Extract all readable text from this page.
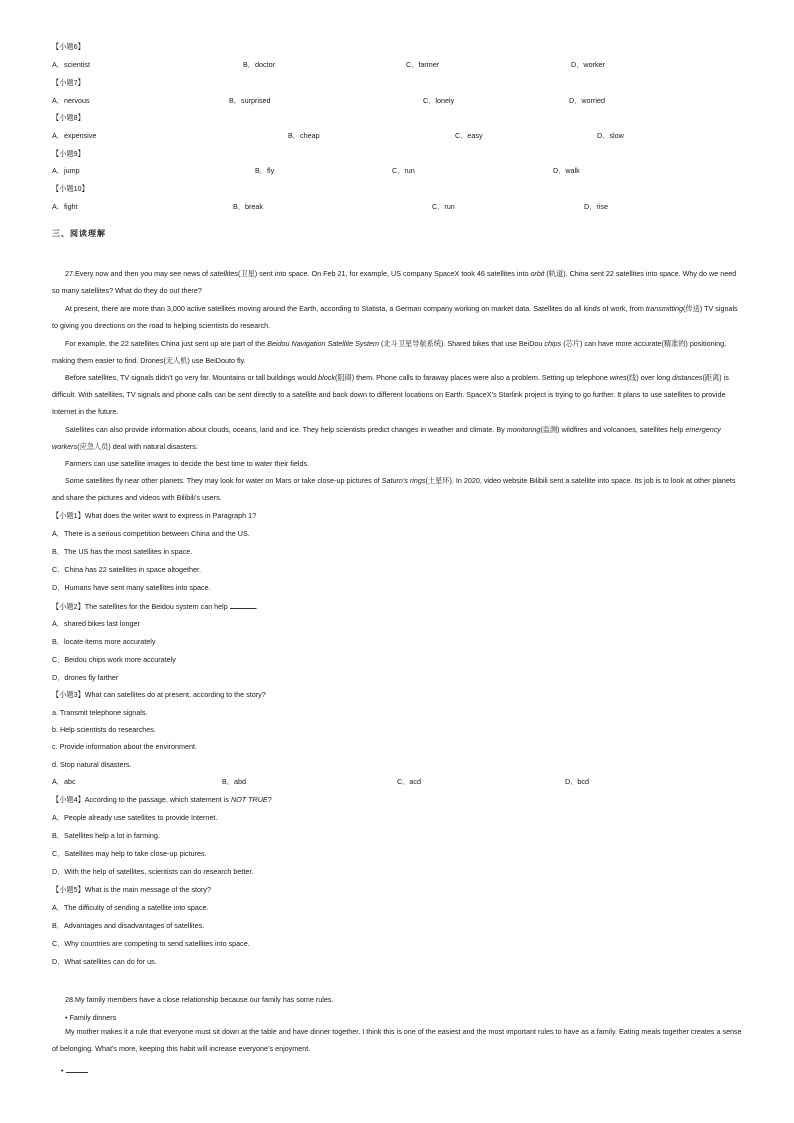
【小题6】
A．scientist	B．doctor	C．farmer	D．worker
【小题7】
A．nervous	B．surprised	C．lonely	D．worried
【小题8】
A．expensive	B．cheap	C．easy	D．slow
【小题9】
A．jump	B．fly	C．run	D．walk
【小题10】
A．fight	B．break	C．run	D．rise
三、阅读理解
27.Every now and then you may see news of satellites(卫星) sent into space. On Feb 21, for example, US company SpaceX took 46 satellites into orbit (轨道). China sent 22 satellites into space. Why do we need so many satellites? What do they do out there?
At present, there are more than 3,000 active satellites moving around the Earth, according to Statista, a German company working on market data. Satellites do all kinds of work, from transmitting(传送) TV signals to giving you directions on the road to helping scientists do research.
For example, the 22 satellites China just sent up are part of the Beidou Navigation Satellite System (北斗卫星导航系统). Shared bikes that use BeiDou chips (芯片) can have more accurate(精准的) positioning, making them easier to find. Drones(无人机) use BeiDouto fly.
Before satellites, TV signals didn’t go very far. Mountains or tall buildings would block(阻碍) them. Phone calls to faraway places were also a problem. Setting up telephone wires(线) over long distances(距离) is difficult. With satellites, TV signals and phone calls can be sent directly to a satellite and back down to different locations on Earth. SpaceX’s Starlink project is trying to go further. It plans to use satellites to provide Internet in the future.
Satellites can also provide information about clouds, oceans, land and ice. They help scientists predict changes in weather and climate. By monitoring(监测) wildfires and volcanoes, satellites help emergency workers(应急人员) deal with natural disasters.
Farmers can use satellite images to decide the best time to water their fields.
Some satellites fly near other planets. They may look for water on Mars or take close-up pictures of Saturn’s rings(土星环). In 2020, video website Bilibili sent a satellite into space. Its job is to look at other planets and share the pictures and videos with Bilibili’s users.
【小题1】What does the writer want to express in Paragraph 1?
A．There is a serious competition between China and the US.
B．The US has the most satellites in space.
C．China has 22 satellites in space altogether.
D．Humans have sent many satellites into space.
【小题2】The satellites for the Beidou system can help	.
A．shared bikes last longer
B．locate items more accurately
C．Beidou chips work more accurately
D．drones fly farther
【小题3】What can satellites do at present, according to the story?
a. Transmit telephone signals.
b. Help scientists do researches.
c. Provide information about the environment.
d. Stop natural disasters.
A．abc	B．abd	C．acd	D．bcd
【小题4】According to the passage, which statement is NOT TRUE?
A．People already use satellites to provide Internet.
B．Satellites help a lot in farming.
C．Satellites may help to take close-up pictures.
D．With the help of satellites, scientists can do research better.
【小题5】What is the main message of the story?
A．The difficulty of sending a satellite into space.
B．Advantages and disadvantages of satellites.
C．Why countries are competing to send satellites into space.
D．What satellites can do for us.
28.My family members have a close relationship because our family has some rules.
• Family dinners
My mother makes it a rule that everyone must sit down at the table and have dinner together. I think this is one of the easiest and the most important rules to have as a family. Eating meals together creates a sense of belonging. What’s more, keeping this habit will increase everyone’s enjoyment.
•
